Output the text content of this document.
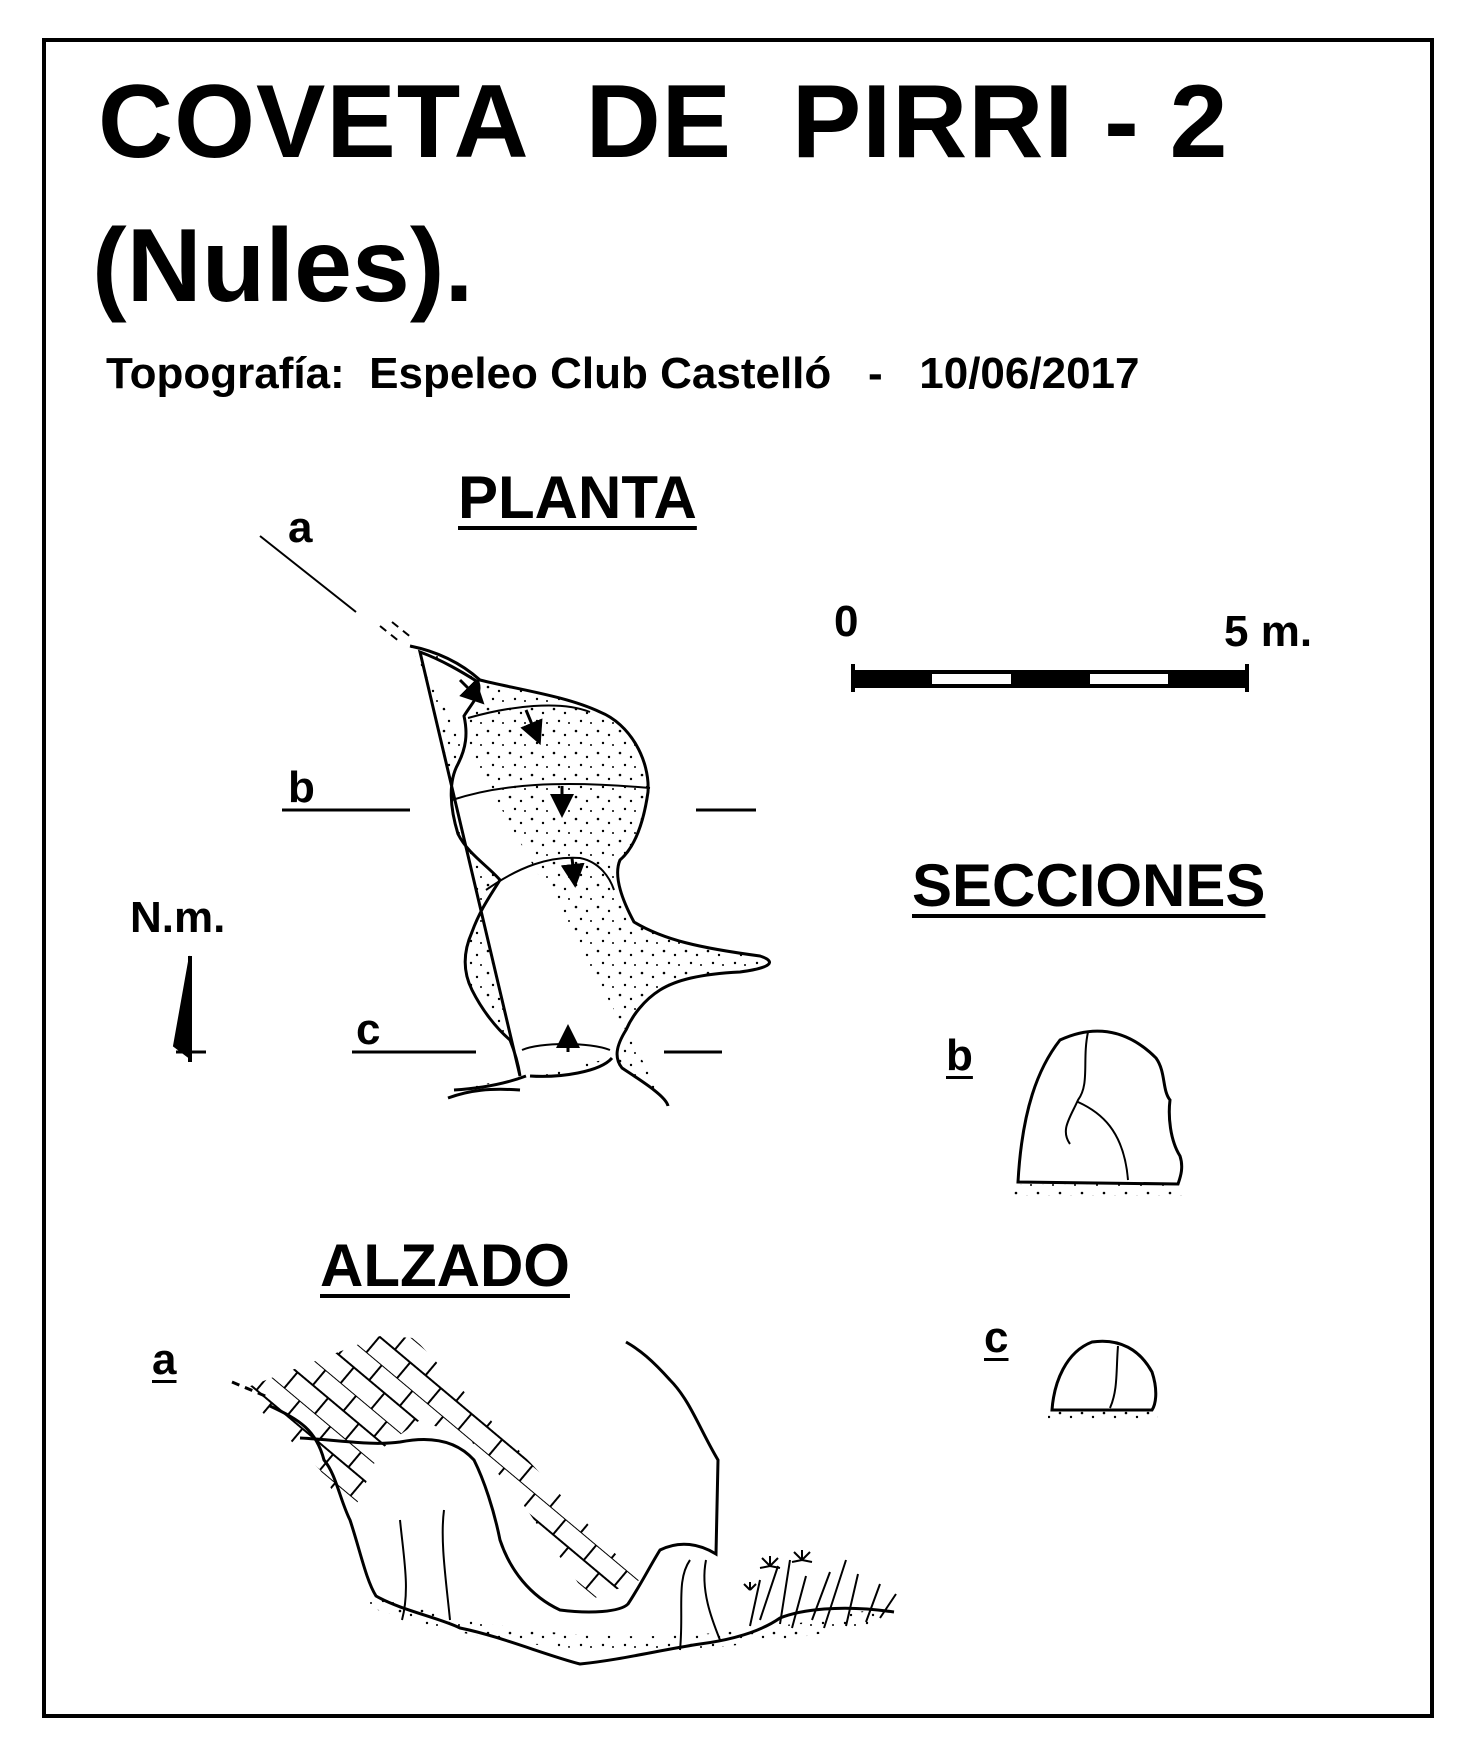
COVETA  DE  PIRRI - 2
(Nules).
Topografía:  Espeleo Club Castelló   -   10/06/2017
PLANTA
SECCIONES
ALZADO
a
b
c
N.m.
0	5 m.
b
c
a
